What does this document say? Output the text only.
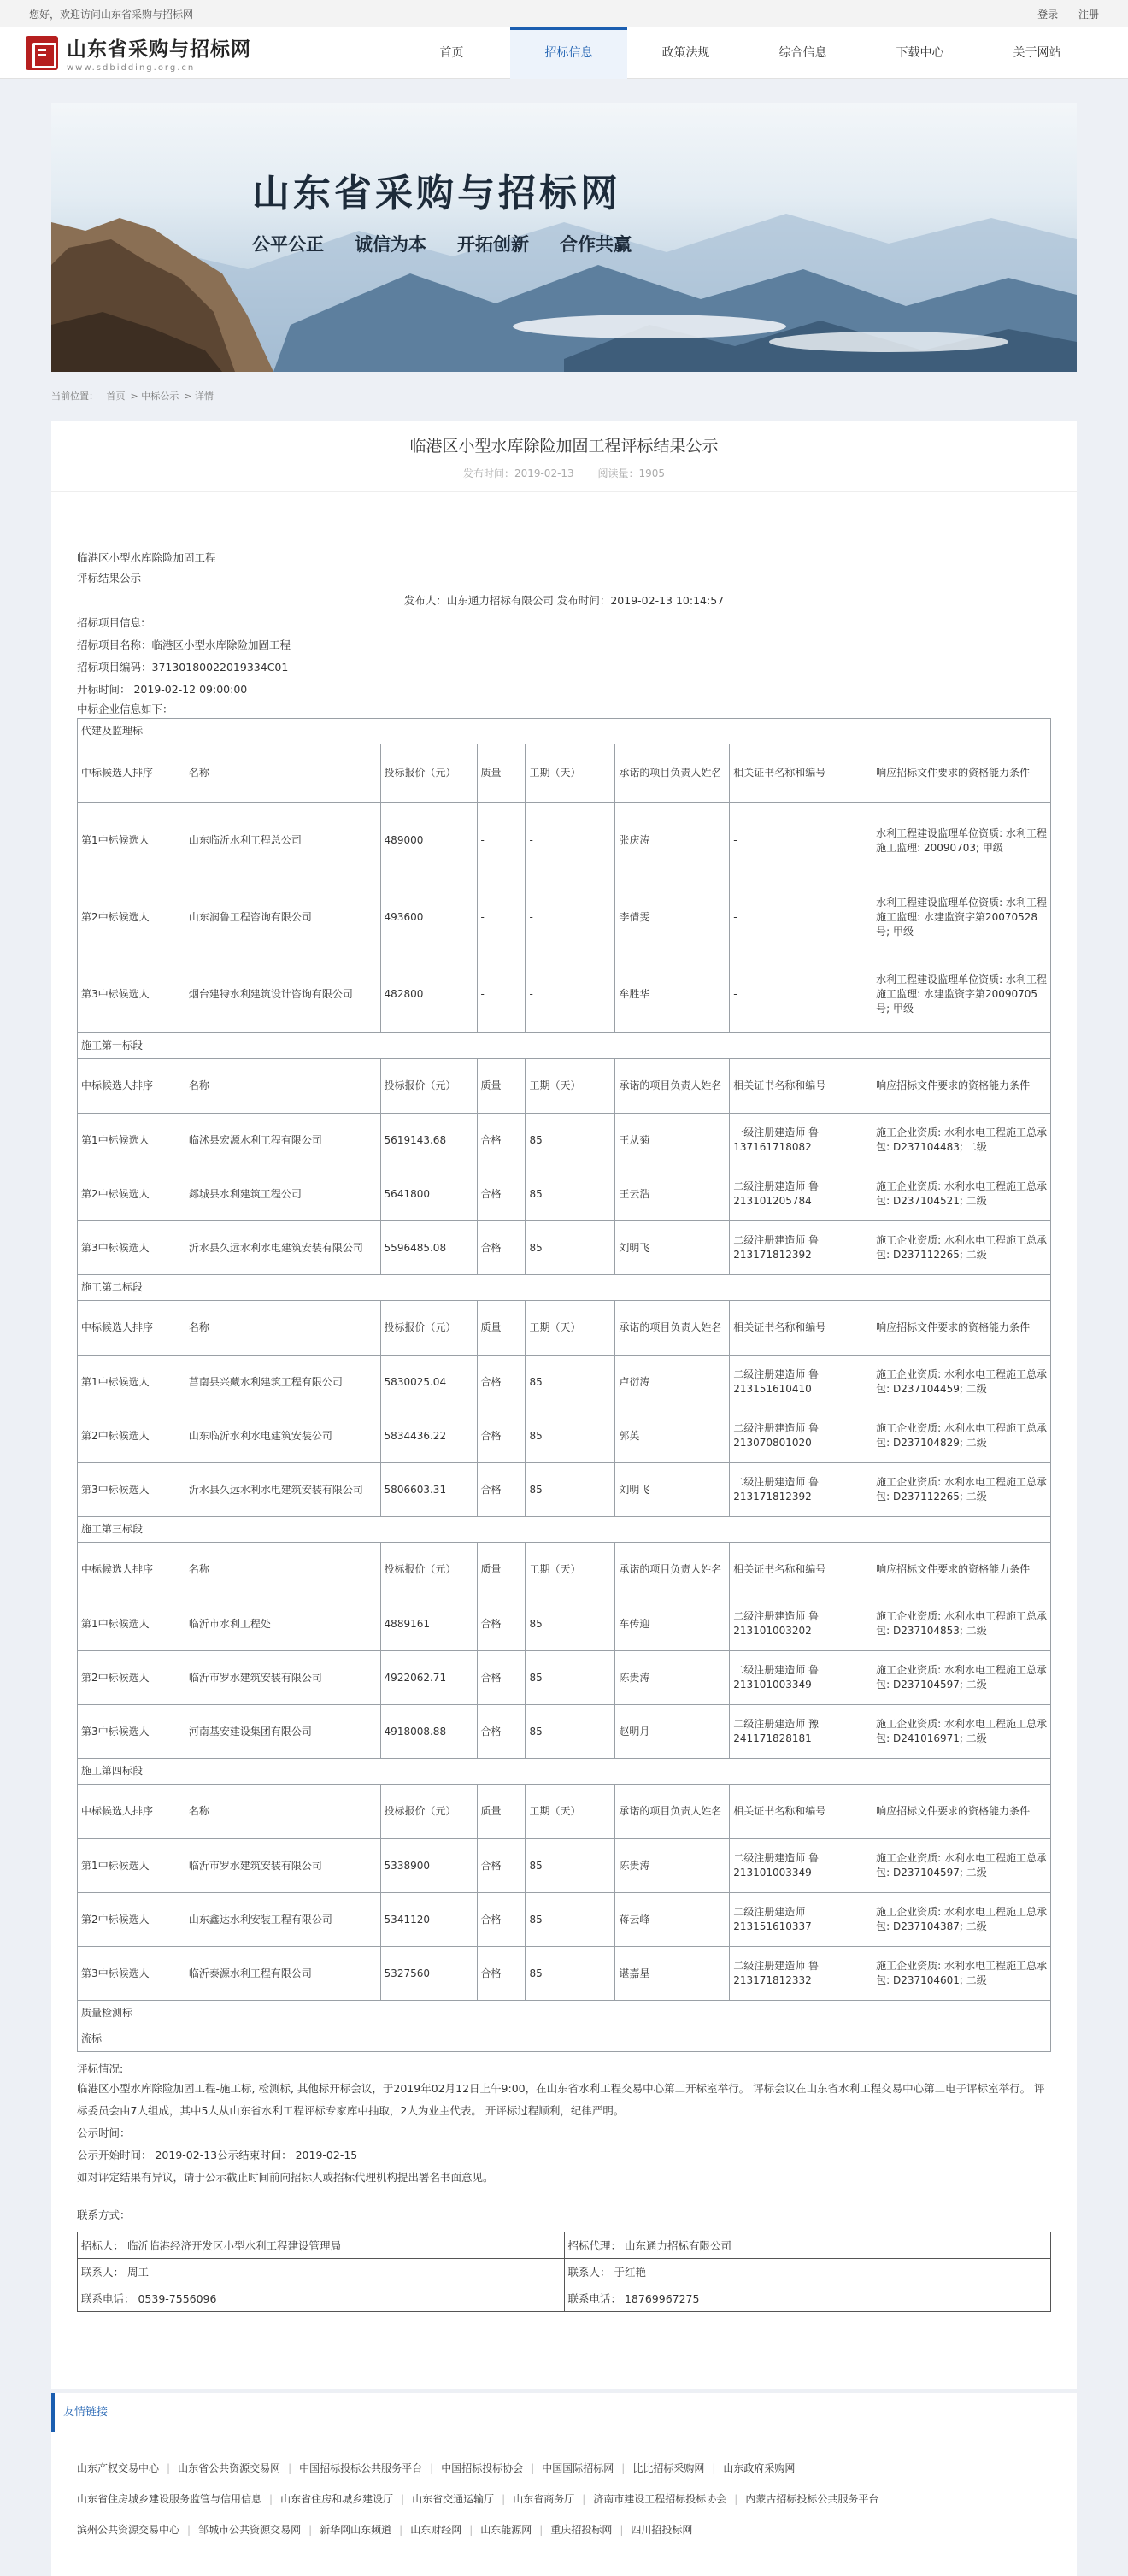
您好，欢迎访问山东省采购与招标网	登录 注册
山东省采购与招标网
www.sdbidding.org.cn
首页	招标信息	政策法规	综合信息	下载中心	关于网站
山东省采购与招标网
公平公正 诚信为本 开拓创新 合作共赢
当前位置： 首页 > 中标公示 > 详情
临港区小型水库除险加固工程评标结果公示
发布时间：2019-02-13 阅读量：1905

临港区小型水库除险加固工程

评标结果公示

发布人：山东通力招标有限公司 发布时间：2019-02-13 10:14:57

招标项目信息:

招标项目名称：临港区小型水库除险加固工程

招标项目编码：37130180022019334C01

开标时间： 2019-02-12 09:00:00

中标企业信息如下：

代建及监理标							
中标候选人排序	名称	投标报价（元）	质量	工期（天）	承诺的项目负责人姓名	相关证书名称和编号	响应招标文件要求的资格能力条件
第1中标候选人	山东临沂水利工程总公司	489000	-	-	张庆涛	-	水利工程建设监理单位资质: 水利工程施工监理: 20090703; 甲级
第2中标候选人	山东润鲁工程咨询有限公司	493600	-	-	李倩雯	-	水利工程建设监理单位资质: 水利工程施工监理: 水建监资字第20070528号; 甲级
第3中标候选人	烟台建特水利建筑设计咨询有限公司	482800	-	-	牟胜华	-	水利工程建设监理单位资质: 水利工程施工监理: 水建监资字第20090705号; 甲级
施工第一标段							
中标候选人排序	名称	投标报价（元）	质量	工期（天）	承诺的项目负责人姓名	相关证书名称和编号	响应招标文件要求的资格能力条件
第1中标候选人	临沭县宏源水利工程有限公司	5619143.68	合格	85	王从菊	一级注册建造师 鲁137161718082	施工企业资质: 水利水电工程施工总承包: D237104483; 二级
第2中标候选人	郯城县水利建筑工程公司	5641800	合格	85	王云浩	二级注册建造师 鲁213101205784	施工企业资质: 水利水电工程施工总承包: D237104521; 二级
第3中标候选人	沂水县久远水利水电建筑安装有限公司	5596485.08	合格	85	刘明飞	二级注册建造师 鲁213171812392	施工企业资质: 水利水电工程施工总承包: D237112265; 二级
施工第二标段							
中标候选人排序	名称	投标报价（元）	质量	工期（天）	承诺的项目负责人姓名	相关证书名称和编号	响应招标文件要求的资格能力条件
第1中标候选人	莒南县兴藏水利建筑工程有限公司	5830025.04	合格	85	卢衍涛	二级注册建造师 鲁213151610410	施工企业资质: 水利水电工程施工总承包: D237104459; 二级
第2中标候选人	山东临沂水利水电建筑安装公司	5834436.22	合格	85	郭英	二级注册建造师 鲁213070801020	施工企业资质: 水利水电工程施工总承包: D237104829; 二级
第3中标候选人	沂水县久远水利水电建筑安装有限公司	5806603.31	合格	85	刘明飞	二级注册建造师 鲁213171812392	施工企业资质: 水利水电工程施工总承包: D237112265; 二级
施工第三标段							
中标候选人排序	名称	投标报价（元）	质量	工期（天）	承诺的项目负责人姓名	相关证书名称和编号	响应招标文件要求的资格能力条件
第1中标候选人	临沂市水利工程处	4889161	合格	85	车传迎	二级注册建造师 鲁213101003202	施工企业资质: 水利水电工程施工总承包: D237104853; 二级
第2中标候选人	临沂市罗水建筑安装有限公司	4922062.71	合格	85	陈贵涛	二级注册建造师 鲁213101003349	施工企业资质: 水利水电工程施工总承包: D237104597; 二级
第3中标候选人	河南基安建设集团有限公司	4918008.88	合格	85	赵明月	二级注册建造师 豫241171828181	施工企业资质: 水利水电工程施工总承包: D241016971; 二级
施工第四标段							
中标候选人排序	名称	投标报价（元）	质量	工期（天）	承诺的项目负责人姓名	相关证书名称和编号	响应招标文件要求的资格能力条件
第1中标候选人	临沂市罗水建筑安装有限公司	5338900	合格	85	陈贵涛	二级注册建造师 鲁213101003349	施工企业资质: 水利水电工程施工总承包: D237104597; 二级
第2中标候选人	山东鑫达水利安装工程有限公司	5341120	合格	85	蒋云峰	二级注册建造师 213151610337	施工企业资质: 水利水电工程施工总承包: D237104387; 二级
第3中标候选人	临沂泰源水利工程有限公司	5327560	合格	85	谌嘉星	二级注册建造师 鲁213171812332	施工企业资质: 水利水电工程施工总承包: D237104601; 二级
质量检测标							
流标							

评标情况:

临港区小型水库除险加固工程-施工标, 检测标, 其他标开标会议，于2019年02月12日上午9:00，在山东省水利工程交易中心第二开标室举行。 评标会议在山东省水利工程交易中心第二电子评标室举行。 评标委员会由7人组成，其中5人从山东省水利工程评标专家库中抽取，2人为业主代表。 开评标过程顺利，纪律严明。

公示时间：

公示开始时间： 2019-02-13公示结束时间： 2019-02-15

如对评定结果有异议，请于公示截止时间前向招标人或招标代理机构提出署名书面意见。

联系方式：

招标人： 临沂临港经济开发区小型水利工程建设管理局	招标代理： 山东通力招标有限公司
联系人： 周工	联系人： 于红艳
联系电话： 0539-7556096	联系电话： 18769967275
友情链接
山东产权交易中心 | 山东省公共资源交易网 | 中国招标投标公共服务平台 | 中国招标投标协会 | 中国国际招标网 | 比比招标采购网 | 山东政府采购网
山东省住房城乡建设服务监管与信用信息 | 山东省住房和城乡建设厅 | 山东省交通运输厅 | 山东省商务厅 | 济南市建设工程招标投标协会 | 内蒙古招标投标公共服务平台
滨州公共资源交易中心 | 邹城市公共资源交易网 | 新华网山东频道 | 山东财经网 | 山东能源网 | 重庆招投标网 | 四川招投标网
